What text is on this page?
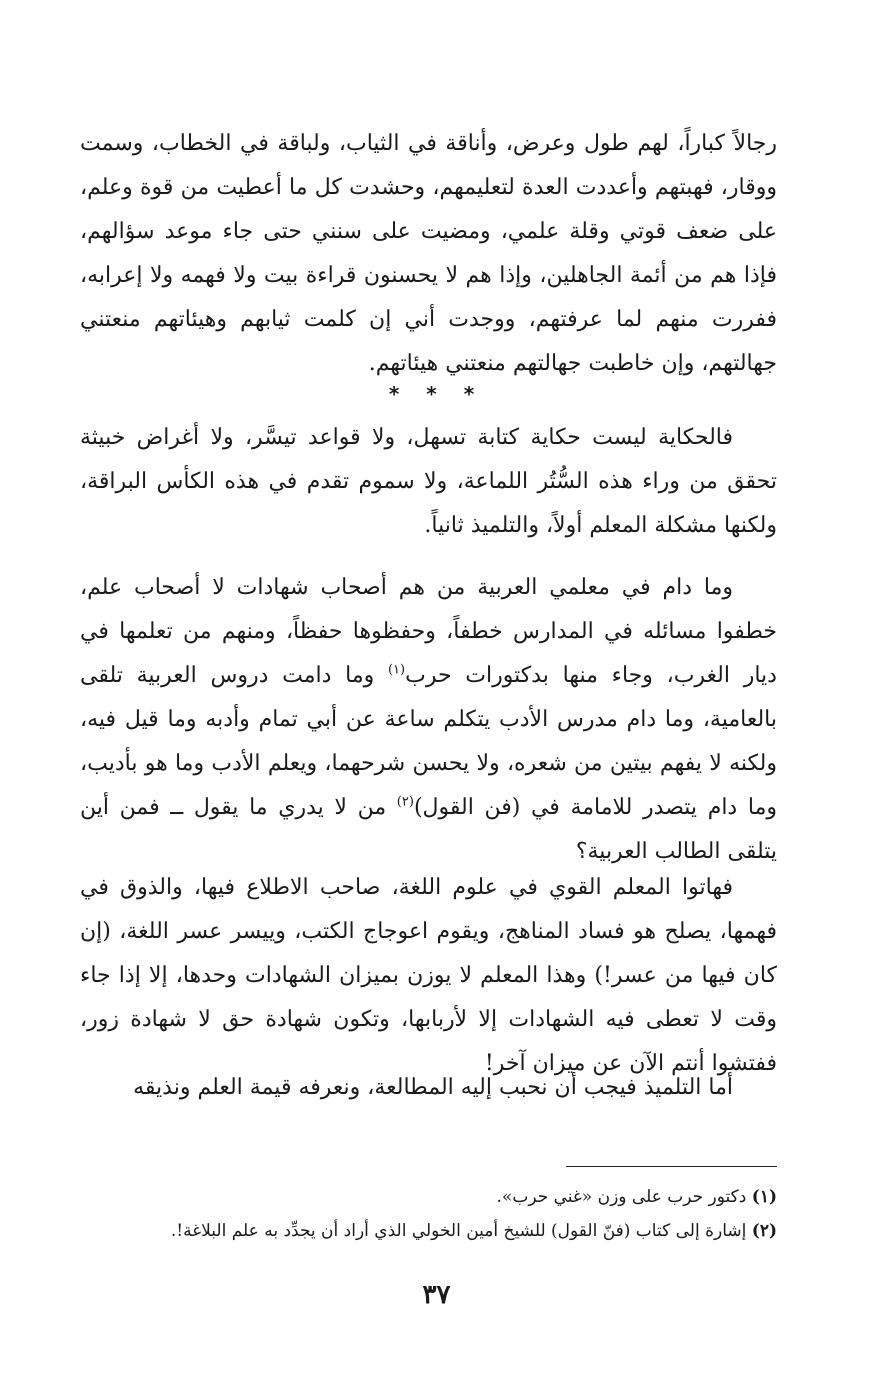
رجالاً كباراً، لهم طول وعرض، وأناقة في الثياب، ولباقة في الخطاب، وسمت ووقار، فهبتهم وأعددت العدة لتعليمهم، وحشدت كل ما أعطيت من قوة وعلم، على ضعف قوتي وقلة علمي، ومضيت على سنني حتى جاء موعد سؤالهم، فإذا هم من أئمة الجاهلين، وإذا هم لا يحسنون قراءة بيت ولا فهمه ولا إعرابه، ففررت منهم لما عرفتهم، ووجدت أني إن كلمت ثيابهم وهيئاتهم منعتني جهالتهم، وإن خاطبت جهالتهم منعتني هيئاتهم.

* * *

فالحكاية ليست حكاية كتابة تسهل، ولا قواعد تيسَّر، ولا أغراض خبيثة تحقق من وراء هذه السُّتُر اللماعة، ولا سموم تقدم في هذه الكأس البراقة، ولكنها مشكلة المعلم أولاً، والتلميذ ثانياً.

وما دام في معلمي العربية من هم أصحاب شهادات لا أصحاب علم، خطفوا مسائله في المدارس خطفاً، وحفظوها حفظاً، ومنهم من تعلمها في ديار الغرب، وجاء منها بدكتورات حرب$^{(١)}$ وما دامت دروس العربية تلقى بالعامية، وما دام مدرس الأدب يتكلم ساعة عن أبي تمام وأدبه وما قيل فيه، ولكنه لا يفهم بيتين من شعره، ولا يحسن شرحهما، ويعلم الأدب وما هو بأديب، وما دام يتصدر للامامة في (فن القول)$^{(٢)}$ من لا يدري ما يقول ــ فمن أين يتلقى الطالب العربية؟

فهاتوا المعلم القوي في علوم اللغة، صاحب الاطلاع فيها، والذوق في فهمها، يصلح هو فساد المناهج، ويقوم اعوجاج الكتب، وييسر عسر اللغة، (إن كان فيها من عسر!) وهذا المعلم لا يوزن بميزان الشهادات وحدها، إلا إذا جاء وقت لا تعطى فيه الشهادات إلا لأربابها، وتكون شهادة حق لا شهادة زور، ففتشوا أنتم الآن عن ميزان آخر!

أما التلميذ فيجب أن نحبب إليه المطالعة، ونعرفه قيمة العلم ونذيقه

(١) دكتور حرب على وزن «غني حرب».

(٢) إشارة إلى كتاب (فنّ القول) للشيخ أمين الخولي الذي أراد أن يجدِّد به علم البلاغة!.

٣٧
